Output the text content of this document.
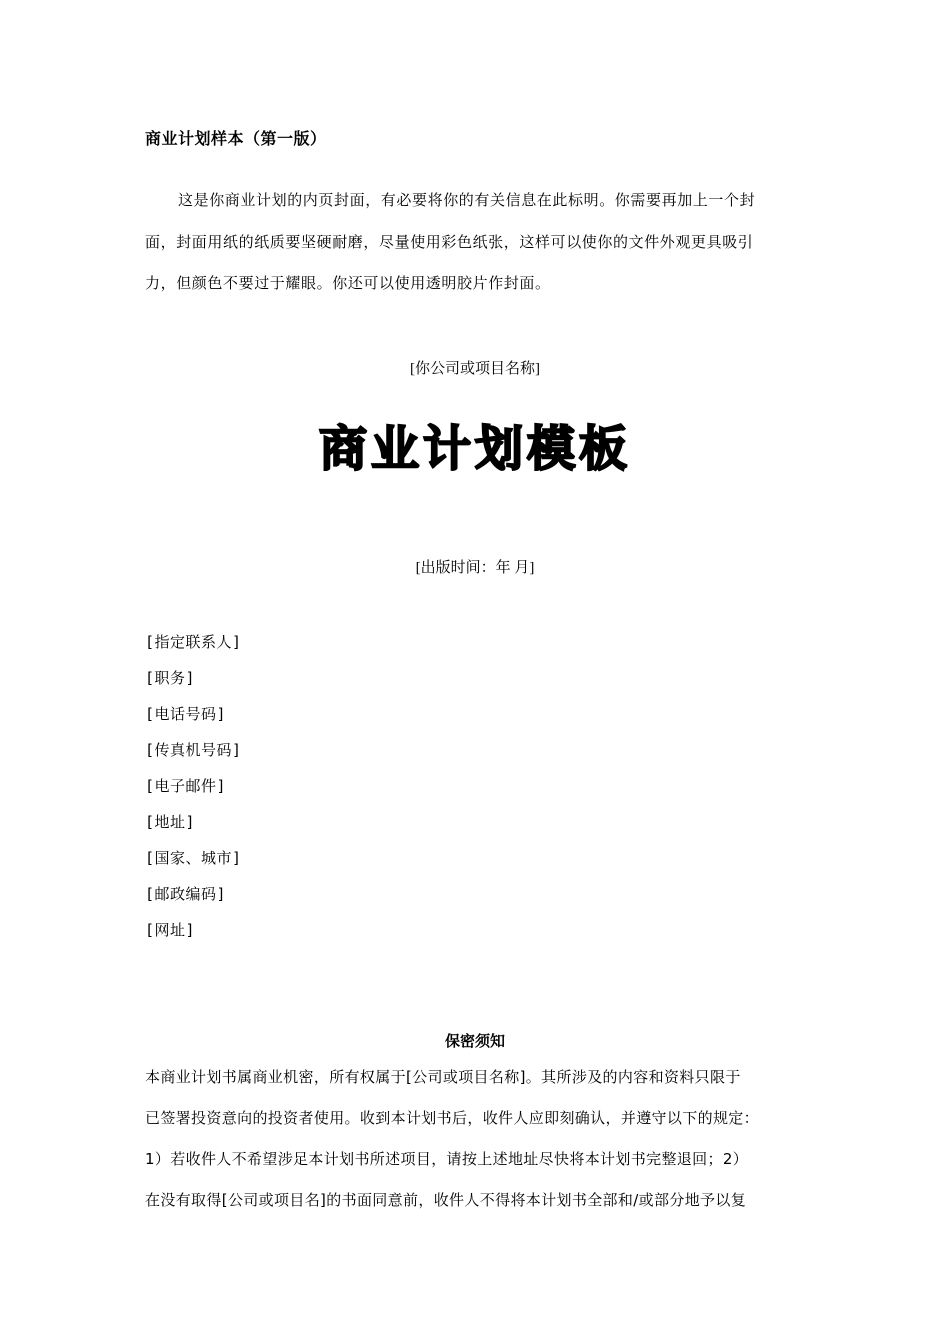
商业计划样本（第一版）
这是你商业计划的内页封面，有必要将你的有关信息在此标明。你需要再加上一个封
面，封面用纸的纸质要坚硬耐磨，尽量使用彩色纸张，这样可以使你的文件外观更具吸引
力，但颜色不要过于耀眼。你还可以使用透明胶片作封面。
[你公司或项目名称]
商业计划模板
[出版时间：年 月]
[指定联系人]
[职务]
[电话号码]
[传真机号码]
[电子邮件]
[地址]
[国家、城市]
[邮政编码]
[网址]
保密须知
本商业计划书属商业机密，所有权属于[公司或项目名称]。其所涉及的内容和资料只限于
已签署投资意向的投资者使用。收到本计划书后，收件人应即刻确认，并遵守以下的规定：
1）若收件人不希望涉足本计划书所述项目，请按上述地址尽快将本计划书完整退回；2）
在没有取得[公司或项目名]的书面同意前，收件人不得将本计划书全部和/或部分地予以复
